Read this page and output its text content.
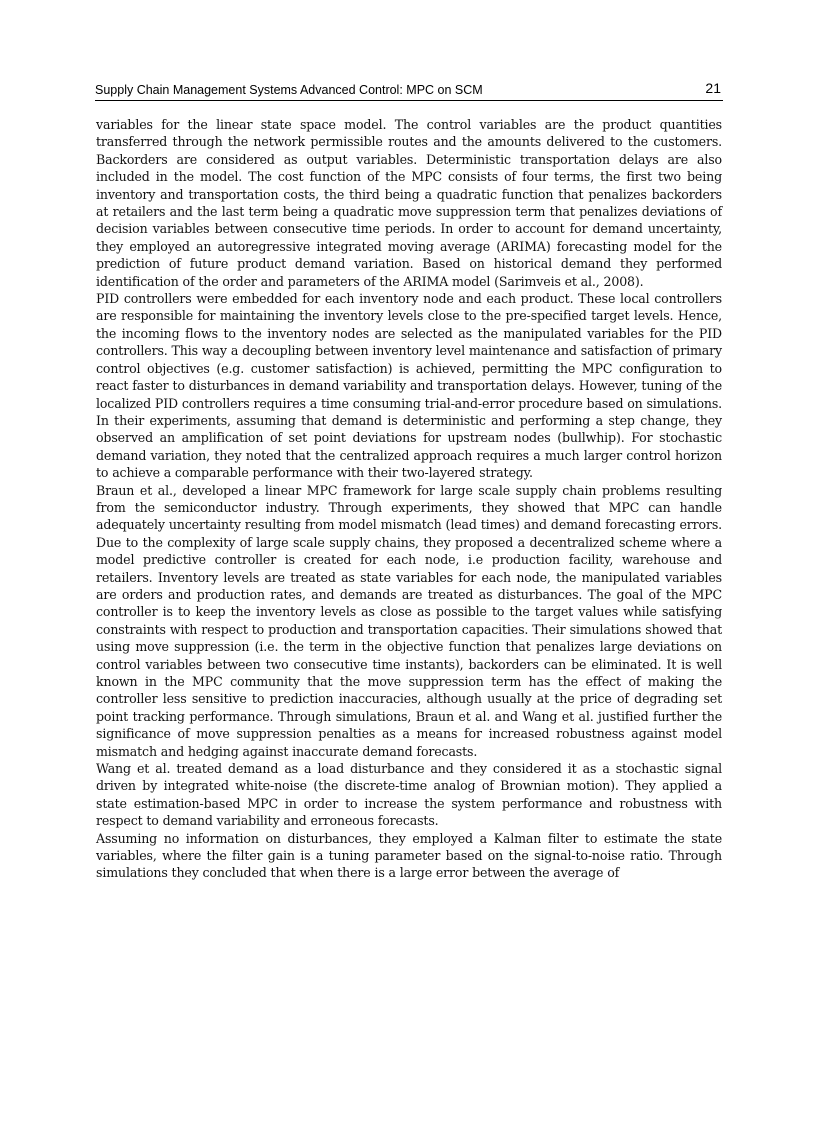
Supply Chain Management Systems Advanced Control: MPC on SCM	21

variables for the linear state space model. The control variables are the product quantities transferred through the network permissible routes and the amounts delivered to the customers. Backorders are considered as output variables. Deterministic transportation delays are also included in the model. The cost function of the MPC consists of four terms, the first two being inventory and transportation costs, the third being a quadratic function that penalizes backorders at retailers and the last term being a quadratic move suppression term that penalizes deviations of decision variables between consecutive time periods. In order to account for demand uncertainty, they employed an autoregressive integrated moving average (ARIMA) forecasting model for the prediction of future product demand variation. Based on historical demand they performed identification of the order and parameters of the ARIMA model (Sarimveis et al., 2008).

PID controllers were embedded for each inventory node and each product. These local controllers are responsible for maintaining the inventory levels close to the pre-specified target levels. Hence, the incoming flows to the inventory nodes are selected as the manipulated variables for the PID controllers. This way a decoupling between inventory level maintenance and satisfaction of primary control objectives (e.g. customer satisfaction) is achieved, permitting the MPC configuration to react faster to disturbances in demand variability and transportation delays. However, tuning of the localized PID controllers requires a time consuming trial-and-error procedure based on simulations. In their experiments, assuming that demand is deterministic and performing a step change, they observed an amplification of set point deviations for upstream nodes (bullwhip). For stochastic demand variation, they noted that the centralized approach requires a much larger control horizon to achieve a comparable performance with their two-layered strategy.

Braun et al., developed a linear MPC framework for large scale supply chain problems resulting from the semiconductor industry. Through experiments, they showed that MPC can handle adequately uncertainty resulting from model mismatch (lead times) and demand forecasting errors. Due to the complexity of large scale supply chains, they proposed a decentralized scheme where a model predictive controller is created for each node, i.e production facility, warehouse and retailers. Inventory levels are treated as state variables for each node, the manipulated variables are orders and production rates, and demands are treated as disturbances. The goal of the MPC controller is to keep the inventory levels as close as possible to the target values while satisfying constraints with respect to production and transportation capacities. Their simulations showed that using move suppression (i.e. the term in the objective function that penalizes large deviations on control variables between two consecutive time instants), backorders can be eliminated. It is well known in the MPC community that the move suppression term has the effect of making the controller less sensitive to prediction inaccuracies, although usually at the price of degrading set point tracking performance. Through simulations, Braun et al. and Wang et al. justified further the significance of move suppression penalties as a means for increased robustness against model mismatch and hedging against inaccurate demand forecasts.

Wang et al. treated demand as a load disturbance and they considered it as a stochastic signal driven by integrated white-noise (the discrete-time analog of Brownian motion). They applied a state estimation-based MPC in order to increase the system performance and robustness with respect to demand variability and erroneous forecasts.

Assuming no information on disturbances, they employed a Kalman filter to estimate the state variables, where the filter gain is a tuning parameter based on the signal-to-noise ratio. Through simulations they concluded that when there is a large error between the average of
